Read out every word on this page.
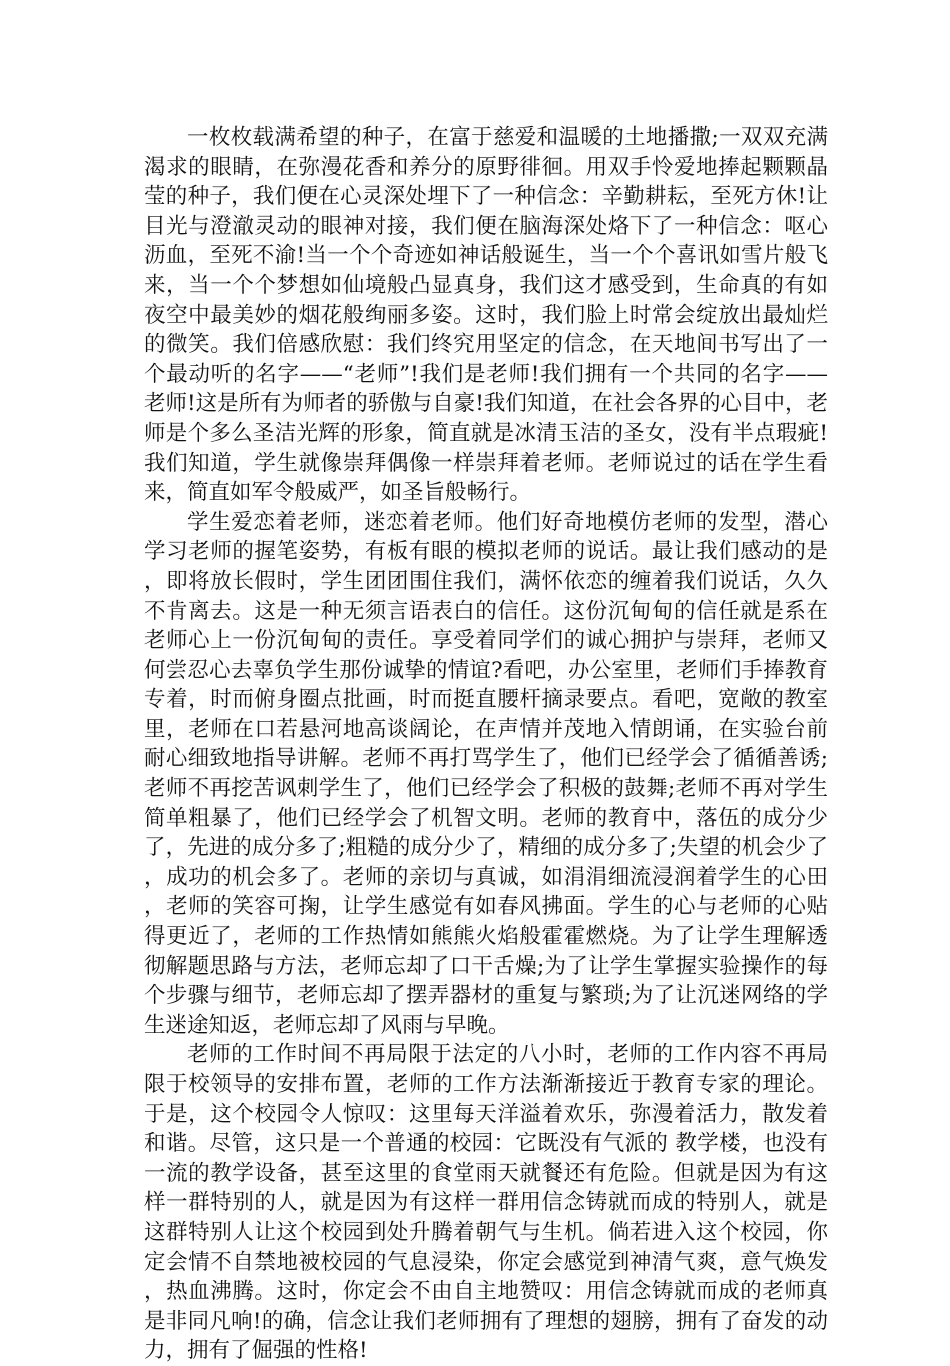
一枚枚载满希望的种子，在富于慈爱和温暖的土地播撒;一双双充满渴求的眼睛，在弥漫花香和养分的原野徘徊。用双手怜爱地捧起颗颗晶莹的种子，我们便在心灵深处埋下了一种信念：辛勤耕耘，至死方休!让目光与澄澈灵动的眼神对接，我们便在脑海深处烙下了一种信念：呕心沥血，至死不渝!当一个个奇迹如神话般诞生，当一个个喜讯如雪片般飞来，当一个个梦想如仙境般凸显真身，我们这才感受到，生命真的有如夜空中最美妙的烟花般绚丽多姿。这时，我们脸上时常会绽放出最灿烂的微笑。我们倍感欣慰：我们终究用坚定的信念，在天地间书写出了一个最动听的名字——“老师”!我们是老师!我们拥有一个共同的名字——老师!这是所有为师者的骄傲与自豪!我们知道，在社会各界的心目中，老师是个多么圣洁光辉的形象，简直就是冰清玉洁的圣女，没有半点瑕疵!我们知道，学生就像崇拜偶像一样崇拜着老师。老师说过的话在学生看来，简直如军令般威严，如圣旨般畅行。

学生爱恋着老师，迷恋着老师。他们好奇地模仿老师的发型，潜心学习老师的握笔姿势，有板有眼的模拟老师的说话。最让我们感动的是，即将放长假时，学生团团围住我们，满怀依恋的缠着我们说话，久久不肯离去。这是一种无须言语表白的信任。这份沉甸甸的信任就是系在老师心上一份沉甸甸的责任。享受着同学们的诚心拥护与崇拜，老师又何尝忍心去辜负学生那份诚挚的情谊?看吧，办公室里，老师们手捧教育专着，时而俯身圈点批画，时而挺直腰杆摘录要点。看吧，宽敞的教室里，老师在口若悬河地高谈阔论，在声情并茂地入情朗诵，在实验台前耐心细致地指导讲解。老师不再打骂学生了，他们已经学会了循循善诱;老师不再挖苦讽刺学生了，他们已经学会了积极的鼓舞;老师不再对学生简单粗暴了，他们已经学会了机智文明。老师的教育中，落伍的成分少了，先进的成分多了;粗糙的成分少了，精细的成分多了;失望的机会少了，成功的机会多了。老师的亲切与真诚，如涓涓细流浸润着学生的心田，老师的笑容可掬，让学生感觉有如春风拂面。学生的心与老师的心贴得更近了，老师的工作热情如熊熊火焰般霍霍燃烧。为了让学生理解透彻解题思路与方法，老师忘却了口干舌燥;为了让学生掌握实验操作的每个步骤与细节，老师忘却了摆弄器材的重复与繁琐;为了让沉迷网络的学生迷途知返，老师忘却了风雨与早晚。

老师的工作时间不再局限于法定的八小时，老师的工作内容不再局限于校领导的安排布置，老师的工作方法渐渐接近于教育专家的理论。于是，这个校园令人惊叹：这里每天洋溢着欢乐，弥漫着活力，散发着和谐。尽管，这只是一个普通的校园：它既没有气派的 教学楼，也没有一流的教学设备，甚至这里的食堂雨天就餐还有危险。但就是因为有这样一群特别的人，就是因为有这样一群用信念铸就而成的特别人，就是这群特别人让这个校园到处升腾着朝气与生机。倘若进入这个校园，你定会情不自禁地被校园的气息浸染，你定会感觉到神清气爽，意气焕发，热血沸腾。这时，你定会不由自主地赞叹：用信念铸就而成的老师真是非同凡响!的确，信念让我们老师拥有了理想的翅膀，拥有了奋发的动力，拥有了倔强的性格!
